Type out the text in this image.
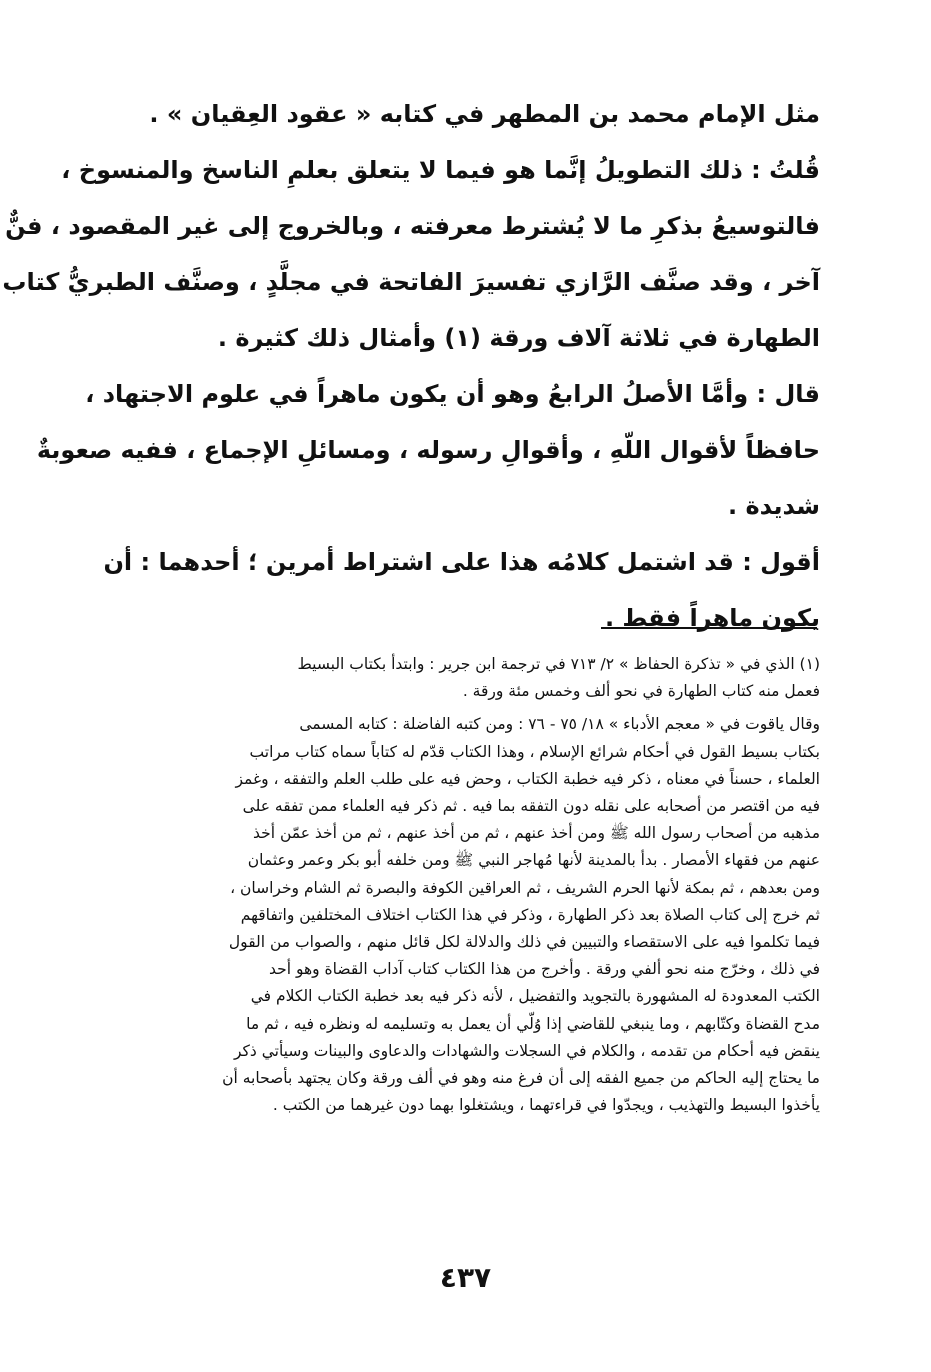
مثل الإمام محمد بن المطهر في كتابه « عقود العِقيان » .

قُلتُ : ذلك التطويلُ إنَّما هو فيما لا يتعلق بعلمِ الناسخ والمنسوخ ،
فالتوسيعُ بذكرِ ما لا يُشترط معرفته ، وبالخروج إلى غير المقصود ، فنٌّ
آخر ، وقد صنَّف الرَّازي تفسيرَ الفاتحة في مجلَّدٍ ، وصنَّف الطبريُّ كتاب
الطهارة في ثلاثة آلاف ورقة (١) وأمثال ذلك كثيرة .

قال : وأمَّا الأصلُ الرابعُ وهو أن يكون ماهراً في علوم الاجتهاد ،
حافظاً لأقوال اللّهِ ، وأقوالِ رسوله ، ومسائلِ الإجماع ، ففيه صعوبةٌ
شديدة .

أقول : قد اشتمل كلامُه هذا على اشتراط أمرين ؛ أحدهما : أن
يكون ماهراً فقط .

(١) الذي في « تذكرة الحفاظ » ٢/ ٧١٣ في ترجمة ابن جرير : وابتدأ بكتاب البسيط
فعمل منه كتاب الطهارة في نحو ألف وخمس مئة ورقة .

وقال ياقوت في « معجم الأدباء » ١٨/ ٧٥ - ٧٦ : ومن كتبه الفاضلة : كتابه المسمى
بكتاب بسيط القول في أحكام شرائع الإسلام ، وهذا الكتاب قدّم له كتاباً سماه كتاب مراتب
العلماء ، حسناً في معناه ، ذكر فيه خطبة الكتاب ، وحض فيه على طلب العلم والتفقه ، وغمز
فيه من اقتصر من أصحابه على نقله دون التفقه بما فيه . ثم ذكر فيه العلماء ممن تفقه على
مذهبه من أصحاب رسول الله ﷺ ومن أخذ عنهم ، ثم من أخذ عنهم ، ثم من أخذ عمّن أخذ
عنهم من فقهاء الأمصار . بدأ بالمدينة لأنها مُهاجر النبي ﷺ ومن خلفه أبو بكر وعمر وعثمان
ومن بعدهم ، ثم بمكة لأنها الحرم الشريف ، ثم العراقين الكوفة والبصرة ثم الشام وخراسان ،
ثم خرج إلى كتاب الصلاة بعد ذكر الطهارة ، وذكر في هذا الكتاب اختلاف المختلفين واتفاقهم
فيما تكلموا فيه على الاستقصاء والتبيين في ذلك والدلالة لكل قائل منهم ، والصواب من القول
في ذلك ، وخرّج منه نحو ألفي ورقة . وأخرج من هذا الكتاب كتاب آداب القضاة وهو أحد
الكتب المعدودة له المشهورة بالتجويد والتفضيل ، لأنه ذكر فيه بعد خطبة الكتاب الكلام في
مدح القضاة وكتّابهم ، وما ينبغي للقاضي إذا وُلّي أن يعمل به وتسليمه له ونظره فيه ، ثم ما
ينقض فيه أحكام من تقدمه ، والكلام في السجلات والشهادات والدعاوى والبينات وسيأتي ذكر
ما يحتاج إليه الحاكم من جميع الفقه إلى أن فرغ منه وهو في ألف ورقة وكان يجتهد بأصحابه أن
يأخذوا البسيط والتهذيب ، ويجدّوا في قراءتهما ، ويشتغلوا بهما دون غيرهما من الكتب .

٤٣٧
